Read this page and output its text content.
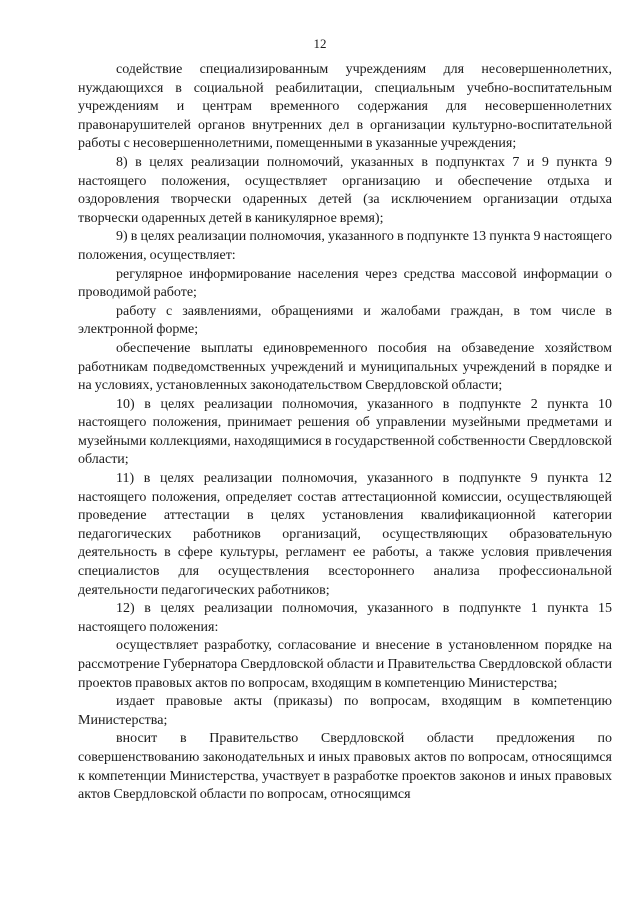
12

содействие специализированным учреждениям для несовершеннолетних, нуждающихся в социальной реабилитации, специальным учебно-воспитательным учреждениям и центрам временного содержания для несовершеннолетних правонарушителей органов внутренних дел в организации культурно-воспитательной работы с несовершеннолетними, помещенными в указанные учреждения;

8) в целях реализации полномочий, указанных в подпунктах 7 и 9 пункта 9 настоящего положения, осуществляет организацию и обеспечение отдыха и оздоровления творчески одаренных детей (за исключением организации отдыха творчески одаренных детей в каникулярное время);

9) в целях реализации полномочия, указанного в подпункте 13 пункта 9 настоящего положения, осуществляет:

регулярное информирование населения через средства массовой информации о проводимой работе;

работу с заявлениями, обращениями и жалобами граждан, в том числе в электронной форме;

обеспечение выплаты единовременного пособия на обзаведение хозяйством работникам подведомственных учреждений и муниципальных учреждений в порядке и на условиях, установленных законодательством Свердловской области;

10) в целях реализации полномочия, указанного в подпункте 2 пункта 10 настоящего положения, принимает решения об управлении музейными предметами и музейными коллекциями, находящимися в государственной собственности Свердловской области;

11) в целях реализации полномочия, указанного в подпункте 9 пункта 12 настоящего положения, определяет состав аттестационной комиссии, осуществляющей проведение аттестации в целях установления квалификационной категории педагогических работников организаций, осуществляющих образовательную деятельность в сфере культуры, регламент ее работы, а также условия привлечения специалистов для осуществления всестороннего анализа профессиональной деятельности педагогических работников;

12) в целях реализации полномочия, указанного в подпункте 1 пункта 15 настоящего положения:

осуществляет разработку, согласование и внесение в установленном порядке на рассмотрение Губернатора Свердловской области и Правительства Свердловской области проектов правовых актов по вопросам, входящим в компетенцию Министерства;

издает правовые акты (приказы) по вопросам, входящим в компетенцию Министерства;

вносит в Правительство Свердловской области предложения по совершенствованию законодательных и иных правовых актов по вопросам, относящимся к компетенции Министерства, участвует в разработке проектов законов и иных правовых актов Свердловской области по вопросам, относящимся
